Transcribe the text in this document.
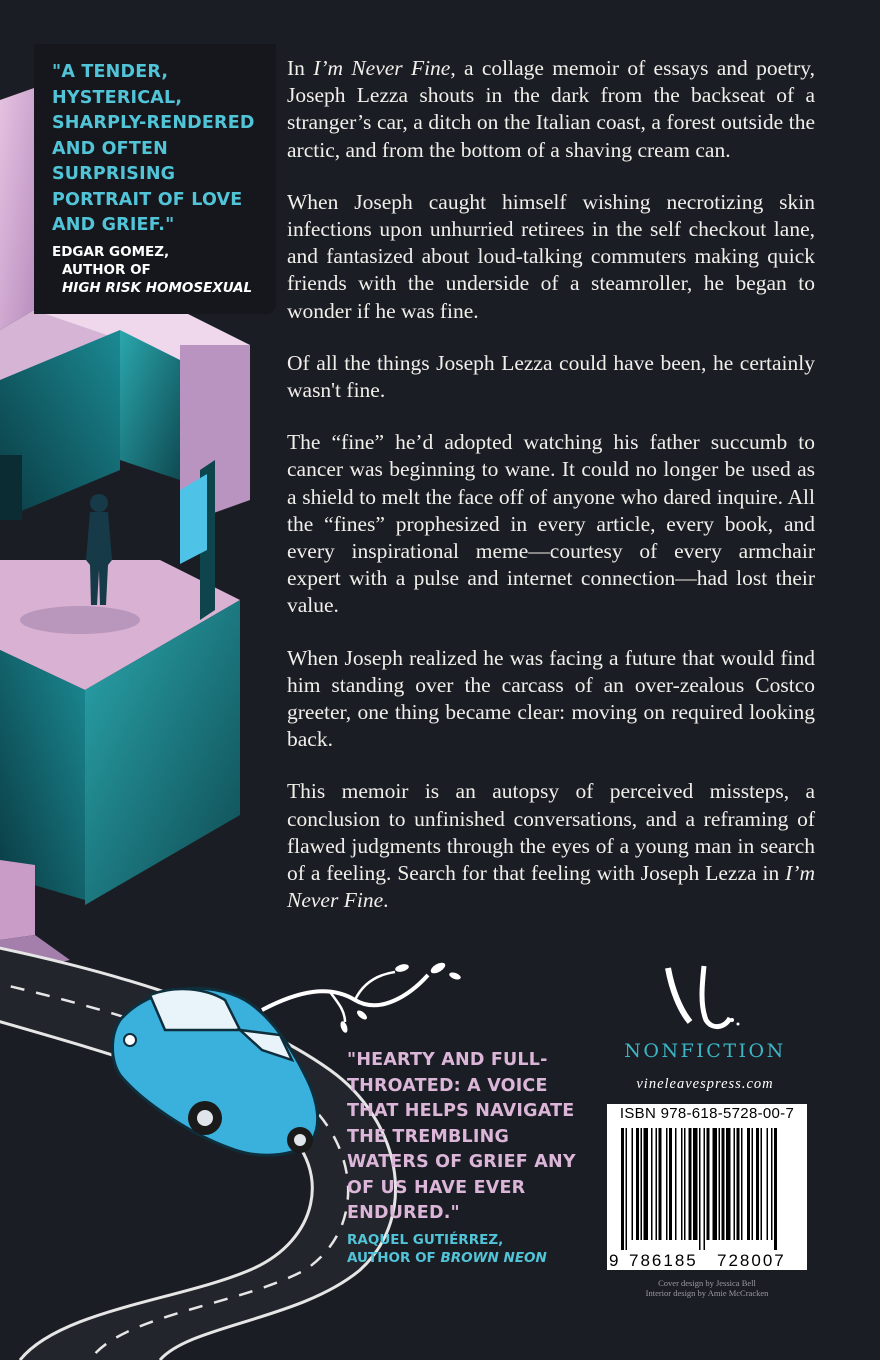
"A TENDER, HYSTERICAL, SHARPLY-RENDERED AND OFTEN SURPRISING PORTRAIT OF LOVE AND GRIEF."
EDGAR GOMEZ,
AUTHOR OF
HIGH RISK HOMOSEXUAL

In I’m Never Fine, a collage memoir of essays and poetry, Joseph Lezza shouts in the dark from the backseat of a stranger’s car, a ditch on the Italian coast, a forest outside the arctic, and from the bottom of a shaving cream can.

When Joseph caught himself wishing necrotizing skin infections upon unhurried retirees in the self checkout lane, and fantasized about loud-talking commuters making quick friends with the underside of a steamroller, he began to wonder if he was fine.

Of all the things Joseph Lezza could have been, he certainly wasn't fine.

The “fine” he’d adopted watching his father succumb to cancer was beginning to wane. It could no longer be used as a shield to melt the face off of anyone who dared inquire. All the “fines” prophesized in every article, every book, and every inspirational meme—courtesy of every armchair expert with a pulse and internet connection—had lost their value.

When Joseph realized he was facing a future that would find him standing over the carcass of an over-zealous Costco greeter, one thing became clear: moving on required looking back.

This memoir is an autopsy of perceived missteps, a conclusion to unfinished conversations, and a reframing of flawed judgments through the eyes of a young man in search of a feeling. Search for that feeling with Joseph Lezza in I’m Never Fine.

"HEARTY AND FULL-THROATED: A VOICE THAT HELPS NAVIGATE THE TREMBLING WATERS OF GRIEF ANY OF US HAVE EVER ENDURED."
RAQUEL GUTIÉRREZ,
AUTHOR OF BROWN NEON
NONFICTION
vineleavespress.com
ISBN 978-618-5728-00-7
9 786185 728007
Cover design by Jessica Bell
Interior design by Amie McCracken
